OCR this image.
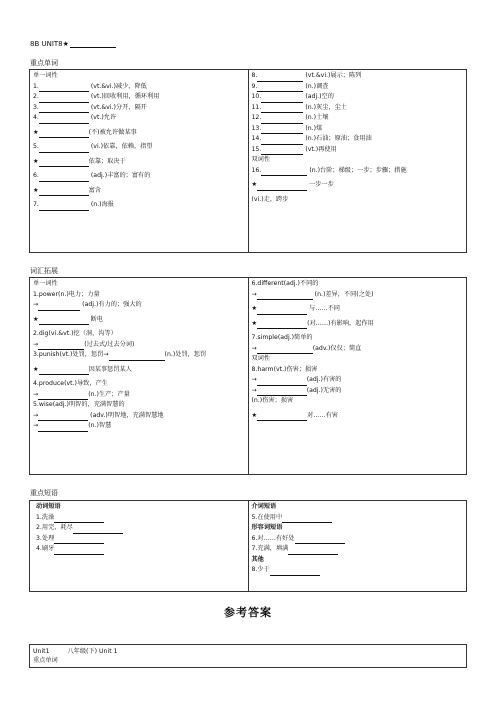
8B UNIT8★
重点单词
单一词性
1.	(vt.&vi.)减少，降低
2.	(vt.)回收利用，循环利用
3.	(vt.&vi.)分开，隔开
4.	(vt.)允许
★	(不)被允许做某事
5.	(vi.)依靠，依赖，指望
★	依靠；取决于
6.	(adj.)丰富的；富有的
★	富含
7.	(n.)海报

8.	(vt.&vi.)展示；陈列
9.	(n.)调查
10.	(adj.)空的
11.	(n.)灰尘，尘土
12.	(n.)土壤
13.	(n.)煤
14.	(n.)石油；原油；食用油
15.	(vt.)再使用
双词性
16.	(n.)台阶；梯级；一步；步骤；措施
★	一步一步
(vi.)走，跨步
词汇拓展
单一词性
1.power(n.)电力；力量
→	(adj.)有力的；强大的
★	断电
2.dig(vi.&vt.)挖（洞，沟等）
→	(过去式/过去分词)
3.punish(vt.)处罚，惩罚→	(n.)处罚，惩罚
★	因某事惩罚某人
4.produce(vt.)导致，产生
→	(n.)生产；产量
5.wise(adj.)明智的，充满智慧的
→	(adv.)明智地，充满智慧地
→	(n.)智慧

6.different(adj.)不同的
→	(n.)差异，不同(之处)
★	与……不同
★	(对……)有影响，起作用
7.simple(adj.)简单的
→	(adv.)仅仅；简直
双词性
8.harm(vt.)伤害；损害
→	(adj.)有害的
→	(adj.)无害的
(n.)伤害；损害
★	对……有害
重点短语
动词短语
1.洗澡
2.用完，耗尽
3.处理
4.刷牙

介词短语
5.在使用中
形容词短语
6.对……有好处
7.充满，填满
其他
8.少于
参考答案
Unit1	八年级(下) Unit 1
重点单词
